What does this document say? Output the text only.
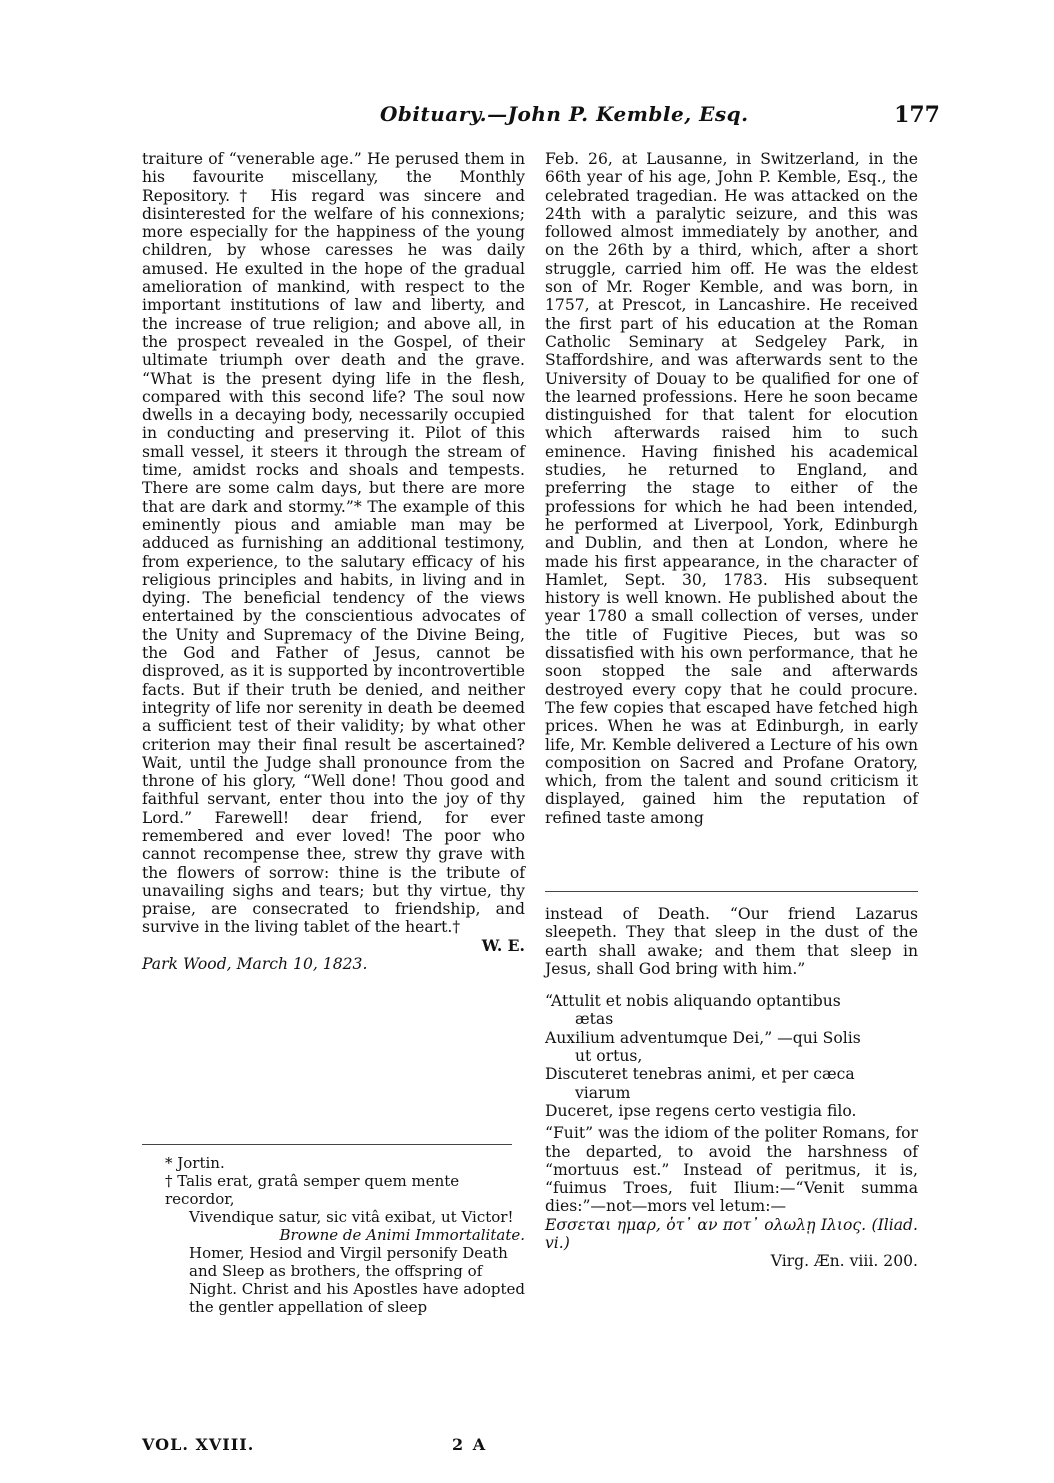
Obituary.—John P. Kemble, Esq.	177

traiture of “venerable age.” He perused them in his favourite miscellany, the Monthly Repository.† His regard was sincere and disinterested for the welfare of his connexions; more especially for the happiness of the young children, by whose caresses he was daily amused. He exulted in the hope of the gradual amelioration of mankind, with respect to the important institutions of law and liberty, and the increase of true religion; and above all, in the prospect revealed in the Gospel, of their ultimate triumph over death and the grave. “What is the present dying life in the flesh, compared with this second life? The soul now dwells in a decaying body, necessarily occupied in conducting and preserving it. Pilot of this small vessel, it steers it through the stream of time, amidst rocks and shoals and tempests. There are some calm days, but there are more that are dark and stormy.”* The example of this eminently pious and amiable man may be adduced as furnishing an additional testimony, from experience, to the salutary efficacy of his religious principles and habits, in living and in dying. The beneficial tendency of the views entertained by the conscientious advocates of the Unity and Supremacy of the Divine Being, the God and Father of Jesus, cannot be disproved, as it is supported by incontrovertible facts. But if their truth be denied, and neither integrity of life nor serenity in death be deemed a sufficient test of their validity; by what other criterion may their final result be ascertained? Wait, until the Judge shall pronounce from the throne of his glory, “Well done! Thou good and faithful servant, enter thou into the joy of thy Lord.” Farewell! dear friend, for ever remembered and ever loved! The poor who cannot recompense thee, strew thy grave with the flowers of sorrow: thine is the tribute of unavailing sighs and tears; but thy virtue, thy praise, are consecrated to friendship, and survive in the living tablet of the heart.†

W. E.

Park Wood, March 10, 1823.

* Jortin.

† Talis erat, gratâ semper quem mente recordor,

Vivendique satur, sic vitâ exibat, ut Victor!

Browne de Animi Immortalitate.

Homer, Hesiod and Virgil personify Death and Sleep as brothers, the offspring of Night. Christ and his Apostles have adopted the gentler appellation of sleep

Feb. 26, at Lausanne, in Switzerland, in the 66th year of his age, John P. Kemble, Esq., the celebrated tragedian. He was attacked on the 24th with a paralytic seizure, and this was followed almost immediately by another, and on the 26th by a third, which, after a short struggle, carried him off. He was the eldest son of Mr. Roger Kemble, and was born, in 1757, at Prescot, in Lancashire. He received the first part of his education at the Roman Catholic Seminary at Sedgeley Park, in Staffordshire, and was afterwards sent to the University of Douay to be qualified for one of the learned professions. Here he soon became distinguished for that talent for elocution which afterwards raised him to such eminence. Having finished his academical studies, he returned to England, and preferring the stage to either of the professions for which he had been intended, he performed at Liverpool, York, Edinburgh and Dublin, and then at London, where he made his first appearance, in the character of Hamlet, Sept. 30, 1783. His subsequent history is well known. He published about the year 1780 a small collection of verses, under the title of Fugitive Pieces, but was so dissatisfied with his own performance, that he soon stopped the sale and afterwards destroyed every copy that he could procure. The few copies that escaped have fetched high prices. When he was at Edinburgh, in early life, Mr. Kemble delivered a Lecture of his own composition on Sacred and Profane Oratory, which, from the talent and sound criticism it displayed, gained him the reputation of refined taste among

instead of Death. “Our friend Lazarus sleepeth. They that sleep in the dust of the earth shall awake; and them that sleep in Jesus, shall God bring with him.”

“Attulit et nobis aliquando optantibus

ætas

Auxilium adventumque Dei,” —qui Solis

ut ortus,

Discuteret tenebras animi, et per cæca

viarum

Duceret, ipse regens certo vestigia filo.

“Fuit” was the idiom of the politer Romans, for the departed, to avoid the harshness of “mortuus est.” Instead of peritmus, it is, “fuimus Troes, fuit Ilium:—“Venit summa dies:”—not—mors vel letum:—

Εσσεται ημαρ, ὁτ᾽ αν ποτ᾽ ολωλῃ Ιλιος. (Iliad. vi.)

Virg. Æn. viii. 200.

VOL. XVIII.	2 A
